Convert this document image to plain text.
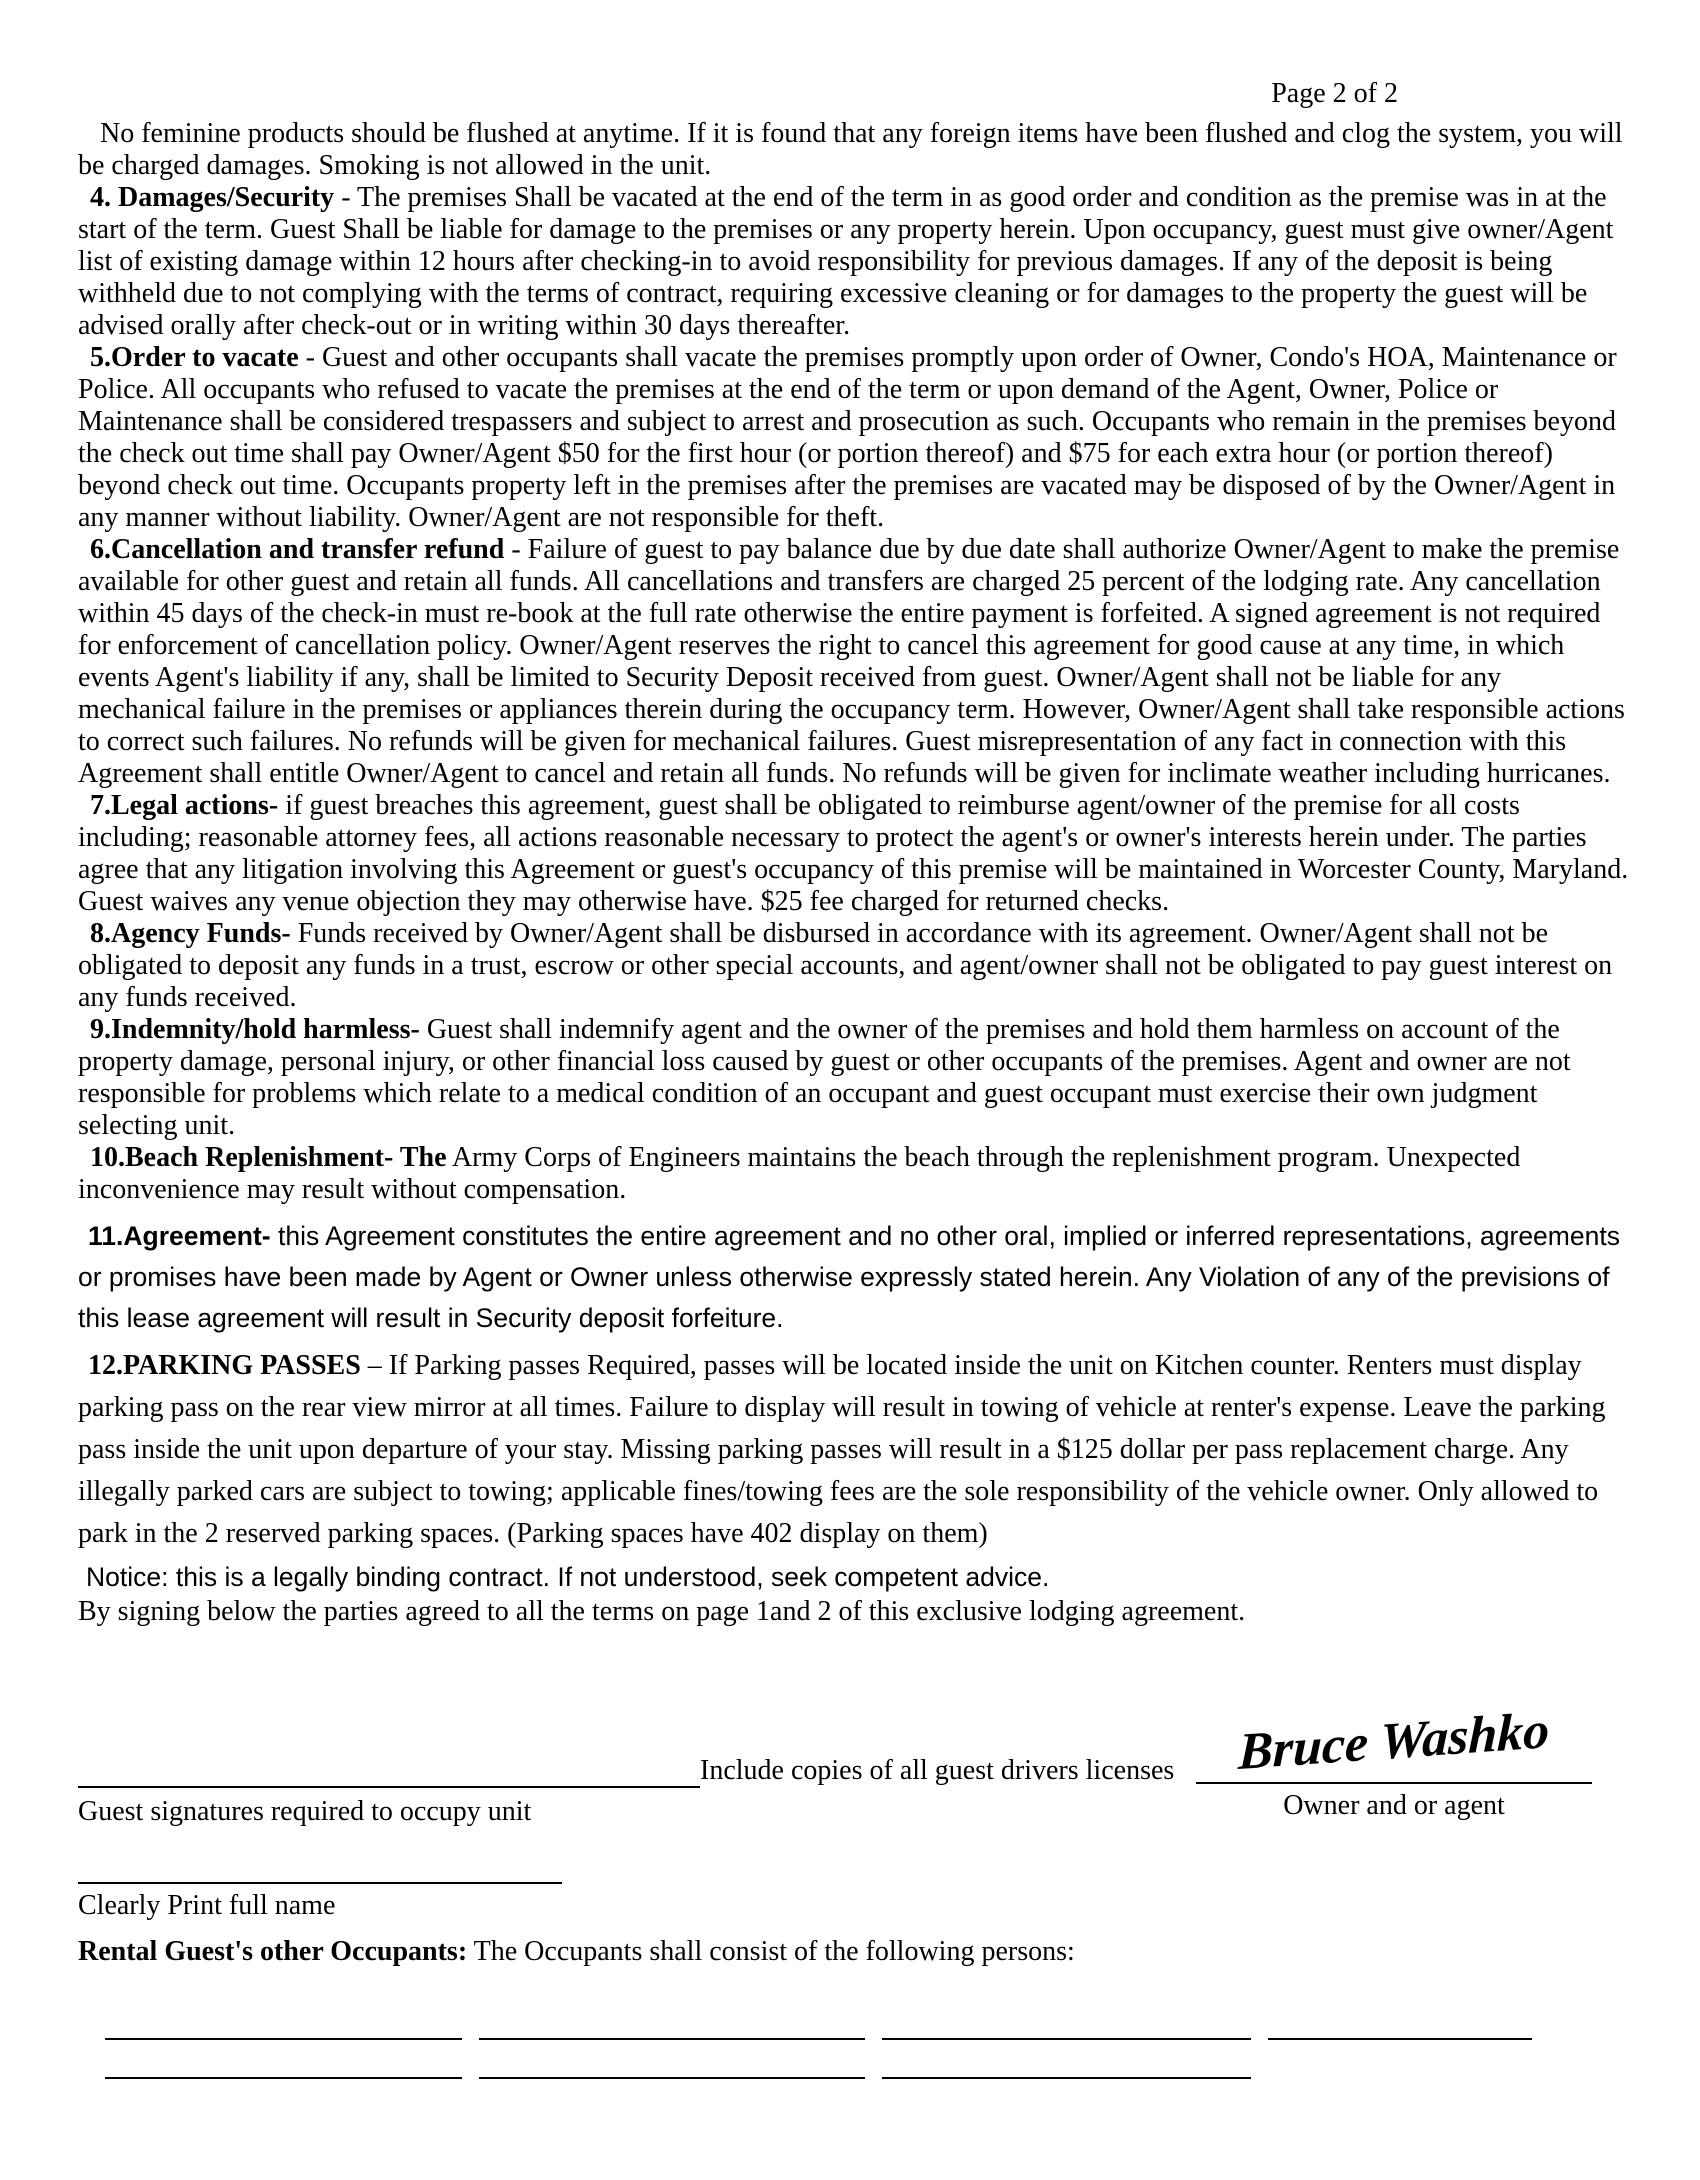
Page 2 of 2

No feminine products should be flushed at anytime. If it is found that any foreign items have been flushed and clog the system, you will be charged damages. Smoking is not allowed in the unit.

4. Damages/Security - The premises Shall be vacated at the end of the term in as good order and condition as the premise was in at the start of the term. Guest Shall be liable for damage to the premises or any property herein. Upon occupancy, guest must give owner/Agent list of existing damage within 12 hours after checking-in to avoid responsibility for previous damages. If any of the deposit is being withheld due to not complying with the terms of contract, requiring excessive cleaning or for damages to the property the guest will be advised orally after check-out or in writing within 30 days thereafter.

5.Order to vacate - Guest and other occupants shall vacate the premises promptly upon order of Owner, Condo's HOA, Maintenance or Police. All occupants who refused to vacate the premises at the end of the term or upon demand of the Agent, Owner, Police or Maintenance shall be considered trespassers and subject to arrest and prosecution as such. Occupants who remain in the premises beyond the check out time shall pay Owner/Agent $50 for the first hour (or portion thereof) and $75 for each extra hour (or portion thereof) beyond check out time. Occupants property left in the premises after the premises are vacated may be disposed of by the Owner/Agent in any manner without liability. Owner/Agent are not responsible for theft.

6.Cancellation and transfer refund - Failure of guest to pay balance due by due date shall authorize Owner/Agent to make the premise available for other guest and retain all funds. All cancellations and transfers are charged 25 percent of the lodging rate. Any cancellation within 45 days of the check-in must re-book at the full rate otherwise the entire payment is forfeited. A signed agreement is not required for enforcement of cancellation policy. Owner/Agent reserves the right to cancel this agreement for good cause at any time, in which events Agent's liability if any, shall be limited to Security Deposit received from guest. Owner/Agent shall not be liable for any mechanical failure in the premises or appliances therein during the occupancy term. However, Owner/Agent shall take responsible actions to correct such failures. No refunds will be given for mechanical failures. Guest misrepresentation of any fact in connection with this Agreement shall entitle Owner/Agent to cancel and retain all funds. No refunds will be given for inclimate weather including hurricanes.

7.Legal actions- if guest breaches this agreement, guest shall be obligated to reimburse agent/owner of the premise for all costs including; reasonable attorney fees, all actions reasonable necessary to protect the agent's or owner's interests herein under. The parties agree that any litigation involving this Agreement or guest's occupancy of this premise will be maintained in Worcester County, Maryland. Guest waives any venue objection they may otherwise have. $25 fee charged for returned checks.

8.Agency Funds- Funds received by Owner/Agent shall be disbursed in accordance with its agreement. Owner/Agent shall not be obligated to deposit any funds in a trust, escrow or other special accounts, and agent/owner shall not be obligated to pay guest interest on any funds received.

9.Indemnity/hold harmless- Guest shall indemnify agent and the owner of the premises and hold them harmless on account of the property damage, personal injury, or other financial loss caused by guest or other occupants of the premises. Agent and owner are not responsible for problems which relate to a medical condition of an occupant and guest occupant must exercise their own judgment selecting unit.

10.Beach Replenishment- The Army Corps of Engineers maintains the beach through the replenishment program. Unexpected inconvenience may result without compensation.

11.Agreement- this Agreement constitutes the entire agreement and no other oral, implied or inferred representations, agreements or promises have been made by Agent or Owner unless otherwise expressly stated herein. Any Violation of any of the previsions of this lease agreement will result in Security deposit forfeiture.

12.PARKING PASSES – If Parking passes Required, passes will be located inside the unit on Kitchen counter. Renters must display parking pass on the rear view mirror at all times. Failure to display will result in towing of vehicle at renter's expense. Leave the parking pass inside the unit upon departure of your stay. Missing parking passes will result in a $125 dollar per pass replacement charge. Any illegally parked cars are subject to towing; applicable fines/towing fees are the sole responsibility of the vehicle owner. Only allowed to park in the 2 reserved parking spaces. (Parking spaces have 402 display on them)

Notice: this is a legally binding contract. If not understood, seek competent advice.

By signing below the parties agreed to all the terms on page 1and 2 of this exclusive lodging agreement.

Include copies of all guest drivers licenses
Guest signatures required to occupy unit
Bruce Washko
Owner and or agent
Clearly Print full name
Rental Guest's other Occupants: The Occupants shall consist of the following persons:
